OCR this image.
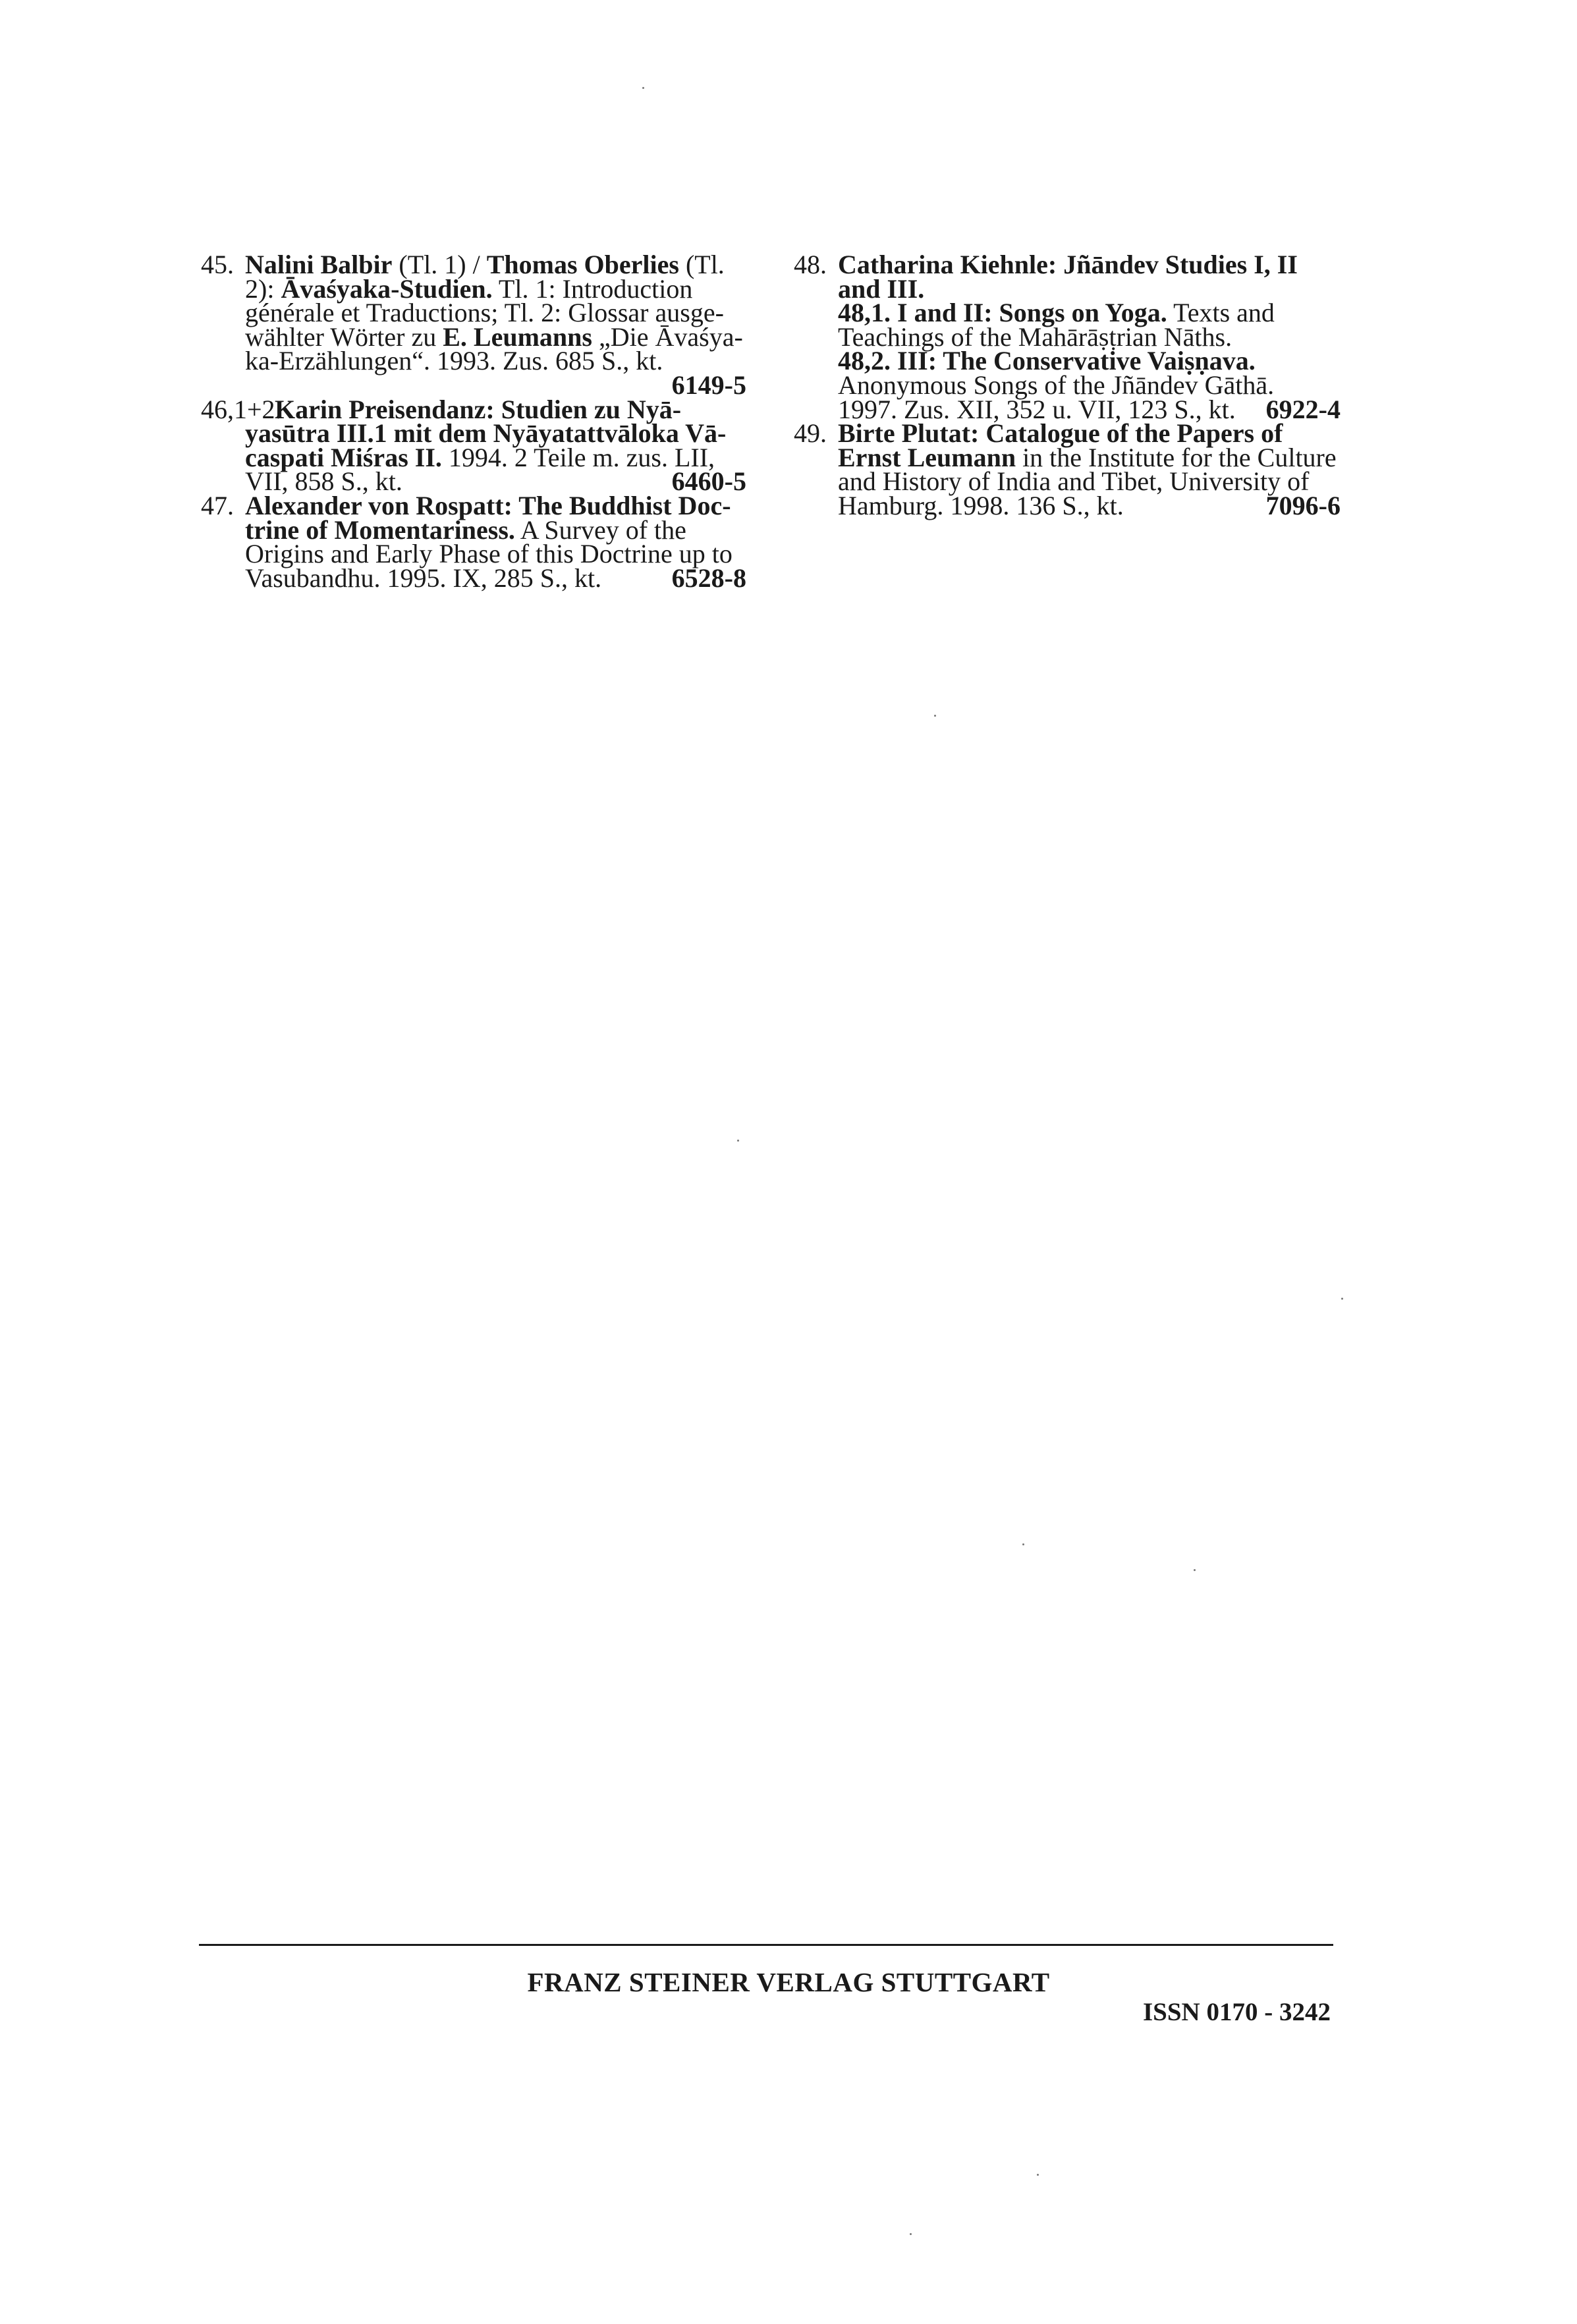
45. Nalini Balbir (Tl. 1) / Thomas Oberlies (Tl.
2): Āvaśyaka-Studien. Tl. 1: Introduction
générale et Traductions; Tl. 2: Glossar ausge-
wählter Wörter zu E. Leumanns „Die Āvaśya-
ka-Erzählungen“. 1993. Zus. 685 S., kt.
6149-5
46,1+2.
Karin Preisendanz: Studien zu Nyā-
yasūtra III.1 mit dem Nyāyatattvāloka Vā-
caspati Miśras II. 1994. 2 Teile m. zus. LII,
VII, 858 S., kt.	6460-5
47. Alexander von Rospatt: The Buddhist Doc-
trine of Momentariness. A Survey of the
Origins and Early Phase of this Doctrine up to
Vasubandhu. 1995. IX, 285 S., kt.	6528-8
48. Catharina Kiehnle: Jñāndev Studies I, II
and III.
48,1. I and II: Songs on Yoga. Texts and
Teachings of the Mahārāṣṭrian Nāths.
48,2. III: The Conservative Vaiṣṇava.
Anonymous Songs of the Jñāndev Gāthā.
1997. Zus. XII, 352 u. VII, 123 S., kt. 6922-4
49. Birte Plutat: Catalogue of the Papers of
Ernst Leumann in the Institute for the Culture
and History of India and Tibet, University of
Hamburg. 1998. 136 S., kt.	7096-6
FRANZ STEINER VERLAG STUTTGART
ISSN 0170 - 3242
